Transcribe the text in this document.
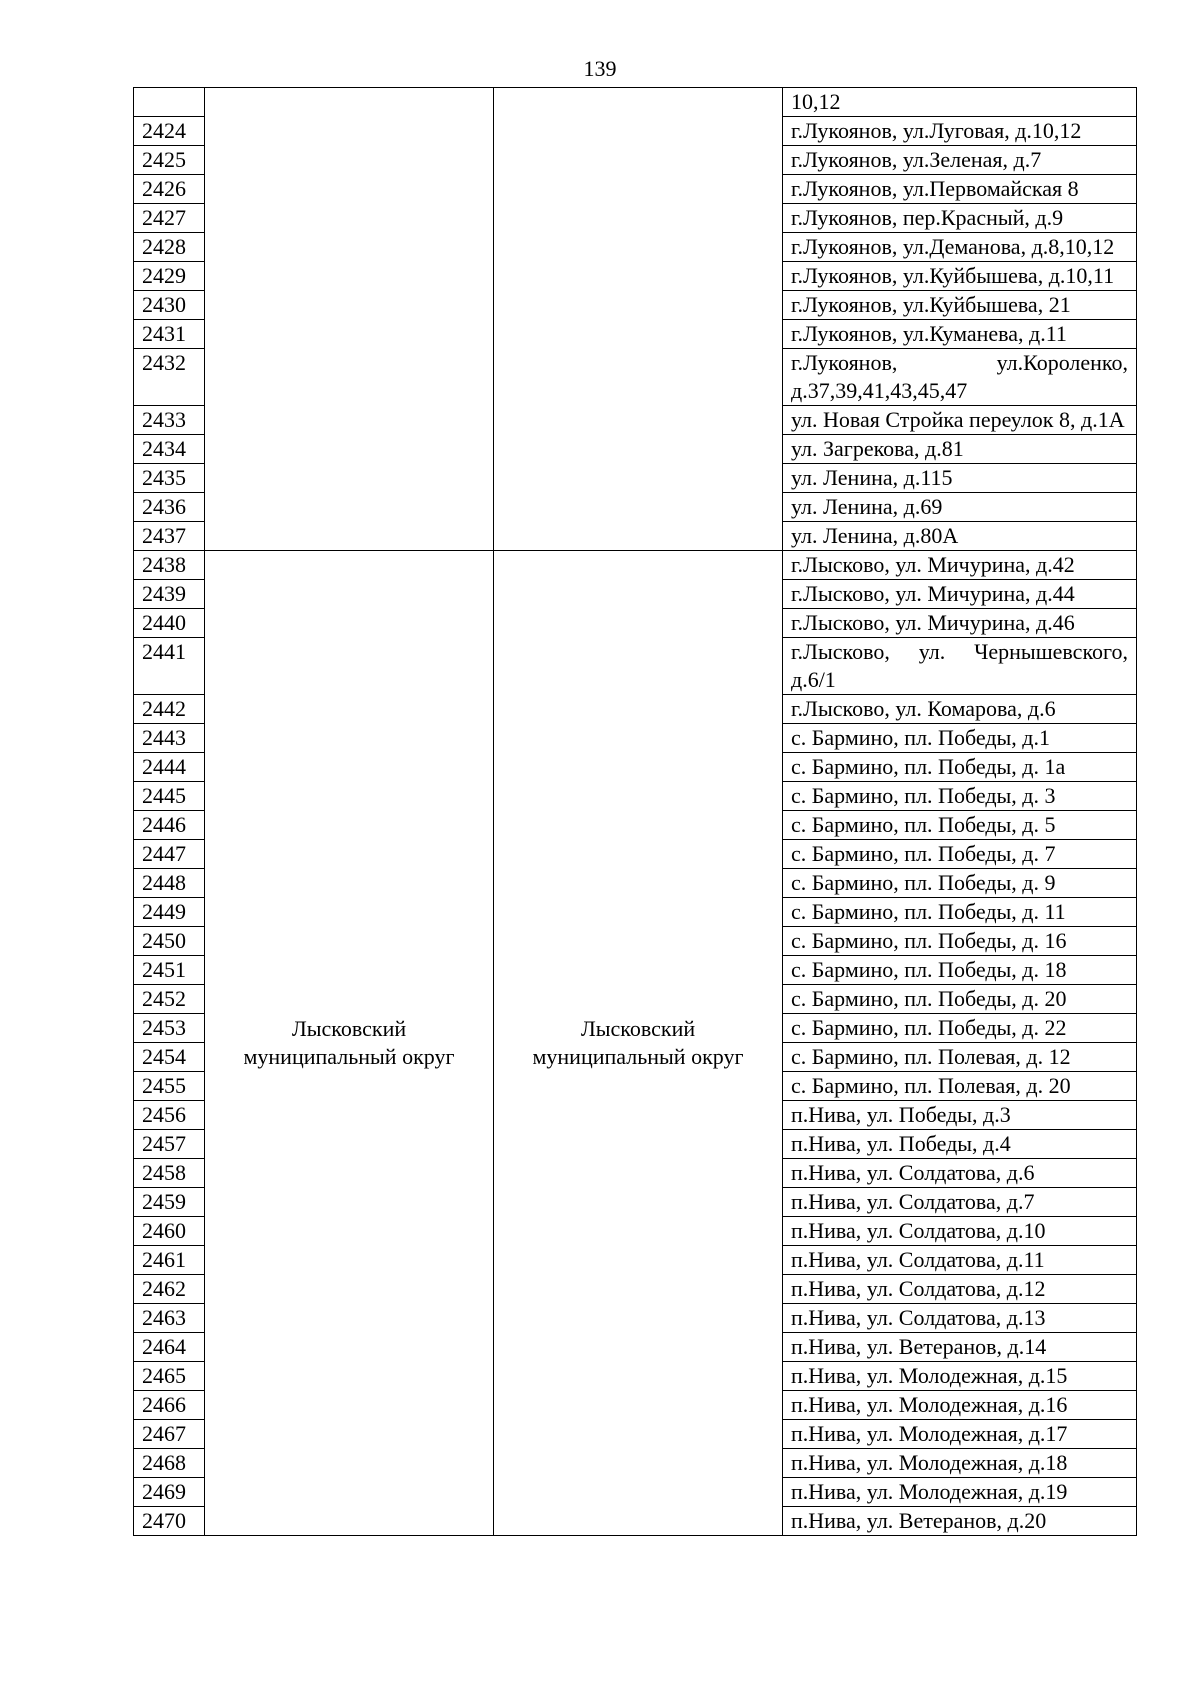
139
			10,12
2424			г.Лукоянов, ул.Луговая, д.10,12
2425			г.Лукоянов, ул.Зеленая, д.7
2426			г.Лукоянов, ул.Первомайская 8
2427			г.Лукоянов, пер.Красный, д.9
2428			г.Лукоянов, ул.Деманова, д.8,10,12
2429			г.Лукоянов, ул.Куйбышева, д.10,11
2430			г.Лукоянов, ул.Куйбышева, 21
2431			г.Лукоянов, ул.Куманева, д.11
2432			г.Лукоянов, ул.Короленко, д.37,39,41,43,45,47
2433			ул. Новая Стройка переулок 8, д.1А
2434			ул. Загрекова, д.81
2435			ул. Ленина, д.115
2436			ул. Ленина, д.69
2437			ул. Ленина, д.80А
2438	Лысковский муниципальный округ	Лысковский муниципальный округ	г.Лысково, ул. Мичурина, д.42
2439			г.Лысково, ул. Мичурина, д.44
2440			г.Лысково, ул. Мичурина, д.46
2441			г.Лысково, ул. Чернышевского, д.6/1
2442			г.Лысково, ул. Комарова, д.6
2443			с. Бармино, пл. Победы, д.1
2444			с. Бармино, пл. Победы, д. 1а
2445			с. Бармино, пл. Победы, д. 3
2446			с. Бармино, пл. Победы, д. 5
2447			с. Бармино, пл. Победы, д. 7
2448			с. Бармино, пл. Победы, д. 9
2449			с. Бармино, пл. Победы, д. 11
2450			с. Бармино, пл. Победы, д. 16
2451			с. Бармино, пл. Победы, д. 18
2452			с. Бармино, пл. Победы, д. 20
2453			с. Бармино, пл. Победы, д. 22
2454			с. Бармино, пл. Полевая, д. 12
2455			с. Бармино, пл. Полевая, д. 20
2456			п.Нива, ул. Победы, д.3
2457			п.Нива, ул. Победы, д.4
2458			п.Нива, ул. Солдатова, д.6
2459			п.Нива, ул. Солдатова, д.7
2460			п.Нива, ул. Солдатова, д.10
2461			п.Нива, ул. Солдатова, д.11
2462			п.Нива, ул. Солдатова, д.12
2463			п.Нива, ул. Солдатова, д.13
2464			п.Нива, ул. Ветеранов, д.14
2465			п.Нива, ул. Молодежная, д.15
2466			п.Нива, ул. Молодежная, д.16
2467			п.Нива, ул. Молодежная, д.17
2468			п.Нива, ул. Молодежная, д.18
2469			п.Нива, ул. Молодежная, д.19
2470			п.Нива, ул. Ветеранов, д.20
